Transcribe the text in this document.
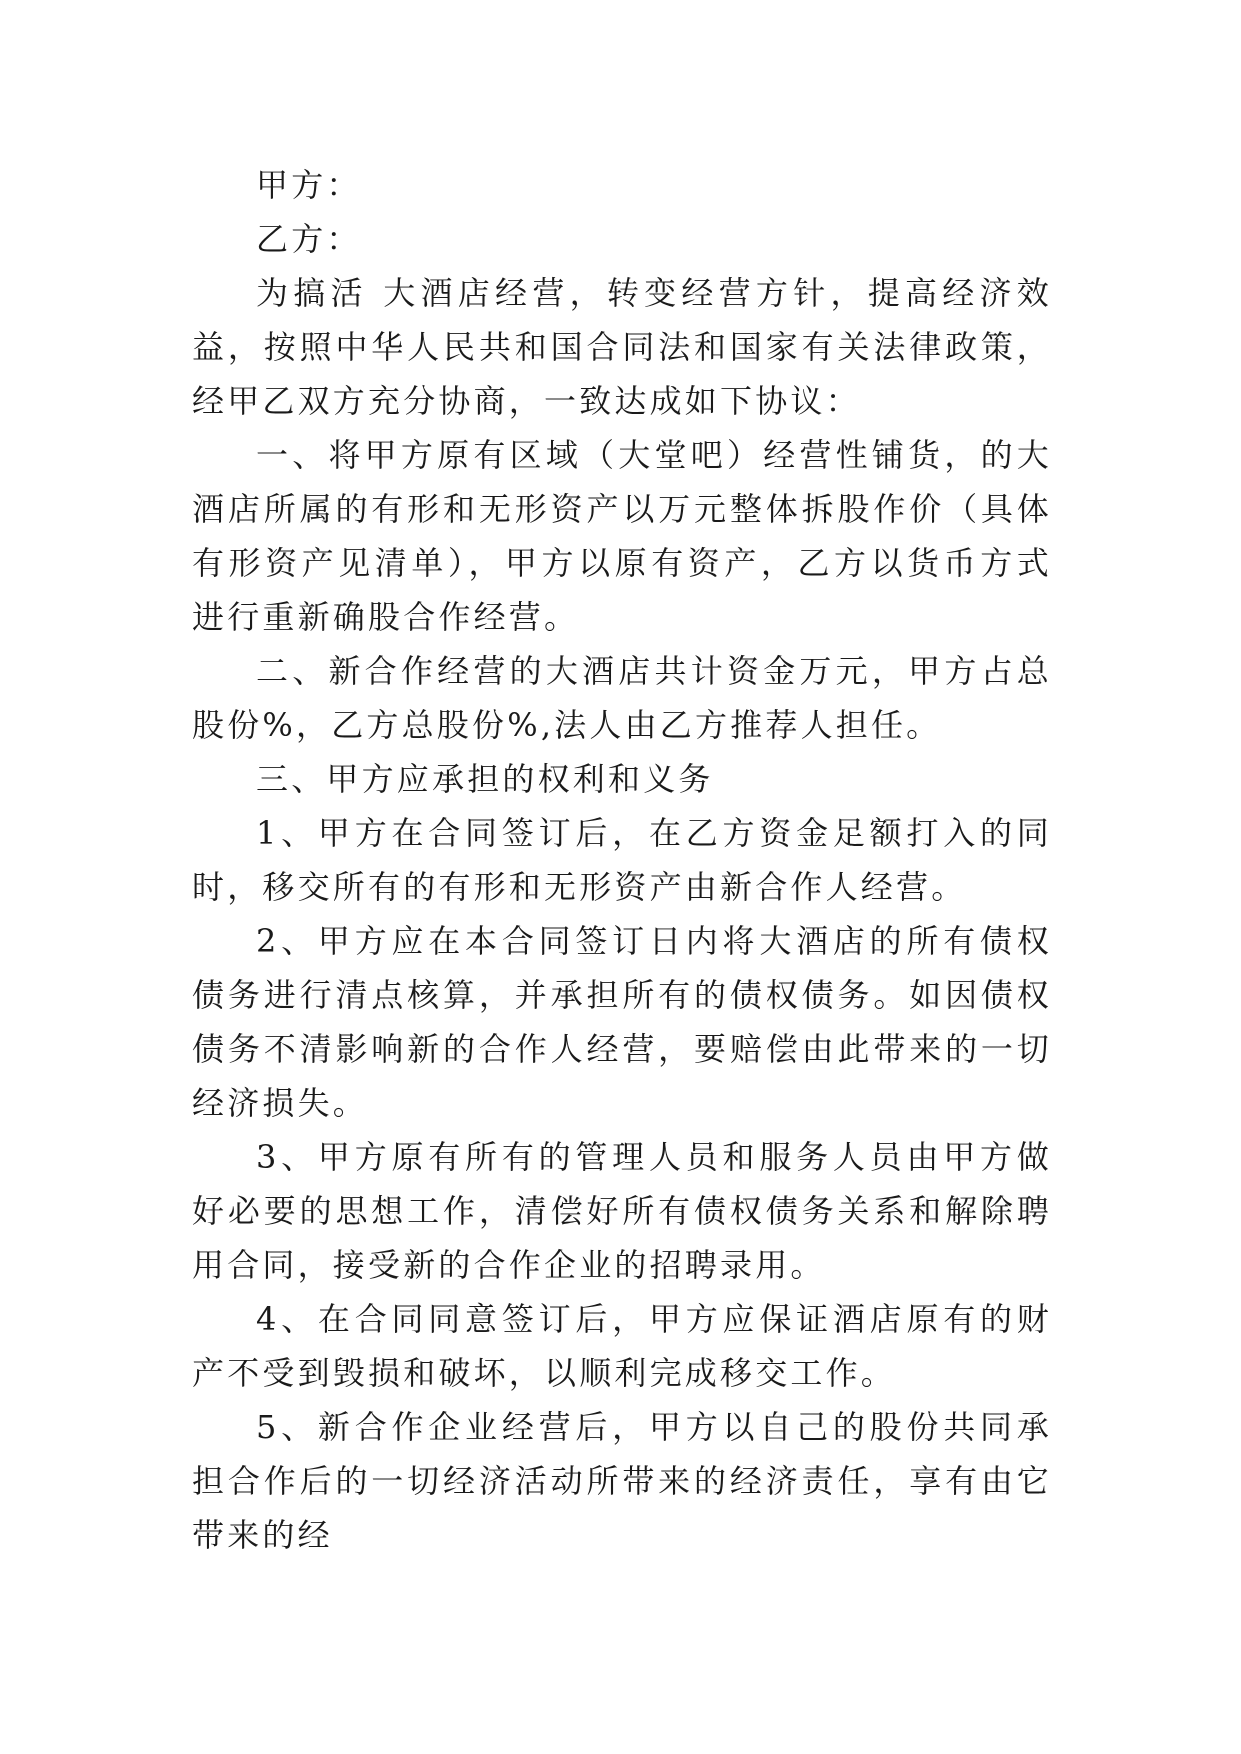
甲方：

乙方：

为搞活 大酒店经营，转变经营方针，提高经济效益，按照中华人民共和国合同法和国家有关法律政策，经甲乙双方充分协商，一致达成如下协议：

一、将甲方原有区域（大堂吧）经营性铺货，的大酒店所属的有形和无形资产以万元整体拆股作价（具体有形资产见清单），甲方以原有资产，乙方以货币方式进行重新确股合作经营。

二、新合作经营的大酒店共计资金万元，甲方占总股份%，乙方总股份%,法人由乙方推荐人担任。

三、甲方应承担的权利和义务

1、甲方在合同签订后，在乙方资金足额打入的同时，移交所有的有形和无形资产由新合作人经营。

2、甲方应在本合同签订日内将大酒店的所有债权债务进行清点核算，并承担所有的债权债务。如因债权债务不清影响新的合作人经营，要赔偿由此带来的一切经济损失。

3、甲方原有所有的管理人员和服务人员由甲方做好必要的思想工作，清偿好所有债权债务关系和解除聘用合同，接受新的合作企业的招聘录用。

4、在合同同意签订后，甲方应保证酒店原有的财产不受到毁损和破坏，以顺利完成移交工作。

5、新合作企业经营后，甲方以自己的股份共同承担合作后的一切经济活动所带来的经济责任，享有由它带来的经
